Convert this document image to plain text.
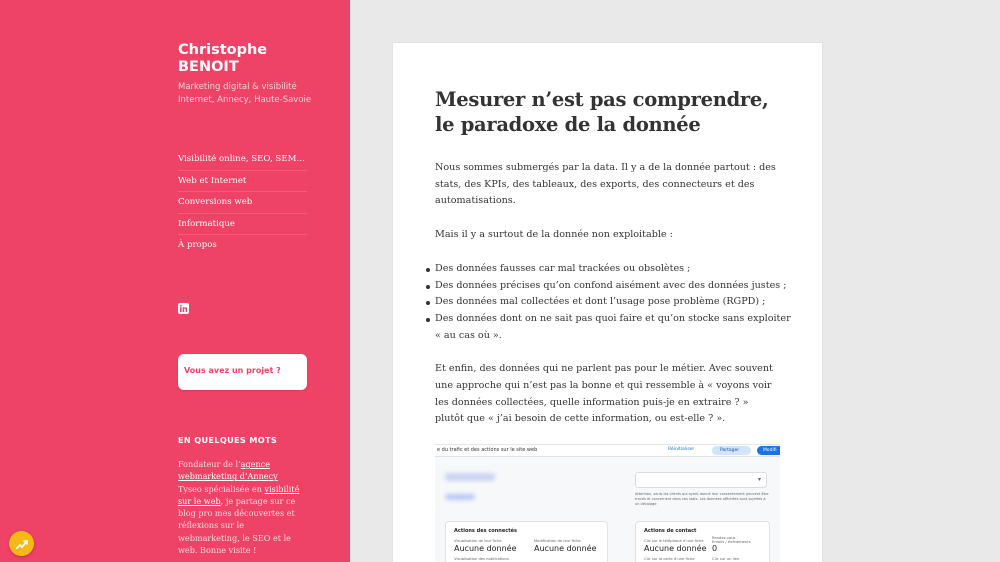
Christophe BENOIT
Marketing digital & visibilité Internet, Annecy, Haute-Savoie
Visibilité online, SEO, SEM…
Web et Internet
Conversions web
Informatique
À propos
Vous avez un projet ?
EN QUELQUES MOTS
Fondateur de l’agence webmarketing d’Annecy Tyseo spécialisée en visibilité sur le web, je partage sur ce blog pro mes découvertes et réflexions sur le webmarketing, le SEO et le web. Bonne visite !
Mesurer n’est pas comprendre, le paradoxe de la donnée

Nous sommes submergés par la data. Il y a de la donnée partout : des stats, des KPIs, des tableaux, des exports, des connecteurs et des automatisations.

Mais il y a surtout de la donnée non exploitable :

Des données fausses car mal trackées ou obsolètes ;
Des données précises qu’on confond aisément avec des données justes ;
Des données mal collectées et dont l’usage pose problème (RGPD) ;
Des données dont on ne sait pas quoi faire et qu’on stocke sans exploiter
« au cas où ».

Et enfin, des données qui ne parlent pas pour le métier. Avec souvent une approche qui n’est pas la bonne et qui ressemble à « voyons voir les données collectées, quelle information puis-je en extraire ? » plutôt que « j’ai besoin de cette information, ou est-elle ? ».

e du trafic et des actions sur le site web	Réinitialiser	Partager	Modifi
▾
Attention, seuls les clients qui ayant donné leur consentement peuvent être tracés et concernent dans ces stats. Les données affichées sont sujettes à un décalage
Actions des connectés
Visualisation de leur fiche
Aucune donnée
Modification de leur fiche
Aucune donnée
Visualisation des notifications
Actions de contact
Clic sur le téléphone d’une fiche
Aucune donnée
Rendez-vous
Emails / événements
0
Clic sur la carte d’une fiche	Clic sur un lien
